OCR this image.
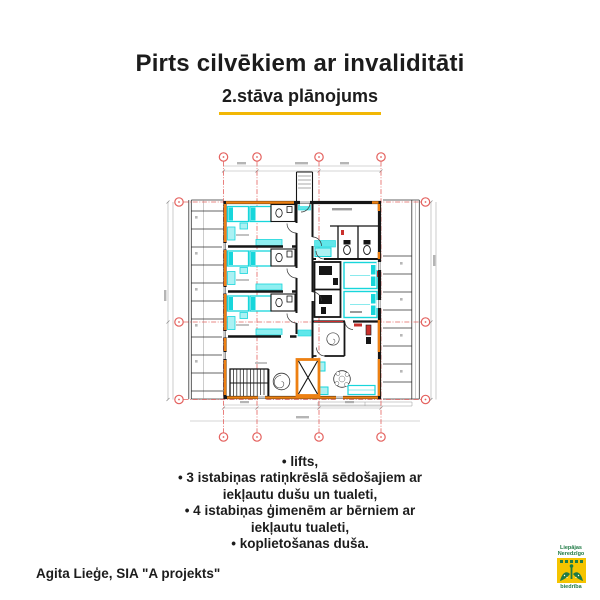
Pirts cilvēkiem ar invaliditāti
2.stāva plānojums
• lifts,
• 3 istabiņas ratiņkrēslā sēdošajiem ar
iekļautu dušu un tualeti,
• 4 istabiņas ģimenēm ar bērniem ar
iekļautu tualeti,
• koplietošanas duša.
Agita Lieģe, SIA "A projekts"
Liepājas
Neredzīgo
biedrība
